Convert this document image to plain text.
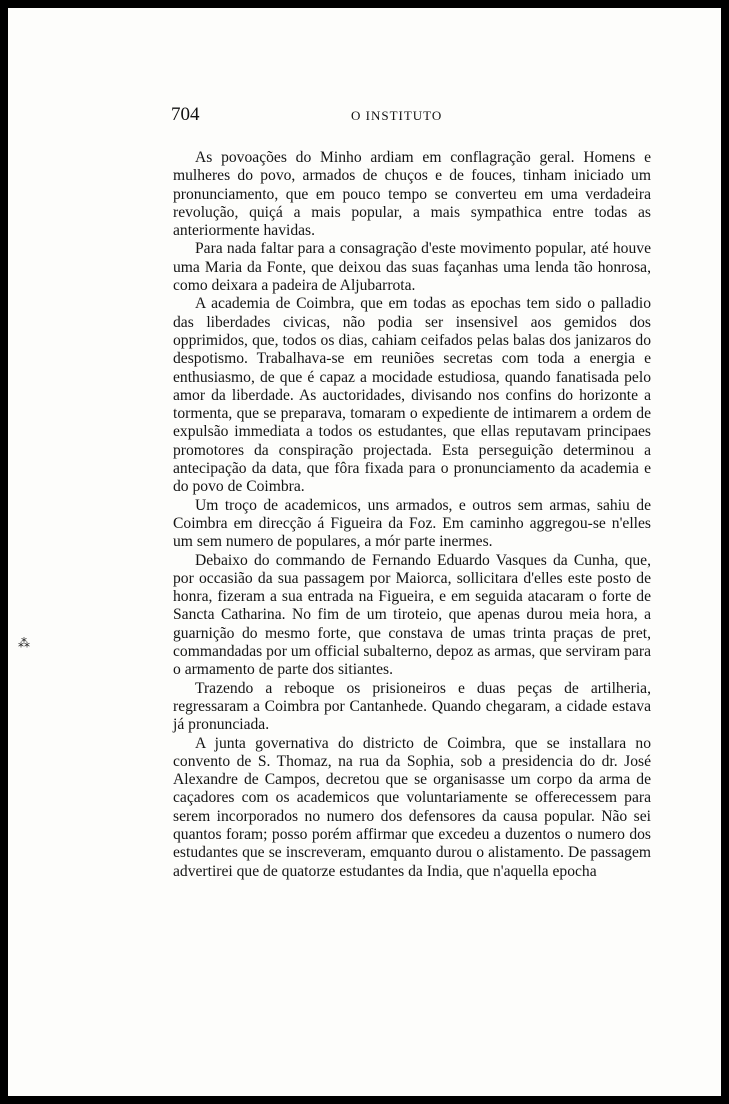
704	O INSTITUTO

As povoações do Minho ardiam em conflagração geral. Homens e mulheres do povo, armados de chuços e de fouces, tinham iniciado um pronunciamento, que em pouco tempo se converteu em uma verdadeira revolução, quiçá a mais popular, a mais sympathica entre todas as anteriormente havidas.

Para nada faltar para a consagração d'este movimento popular, até houve uma Maria da Fonte, que deixou das suas façanhas uma lenda tão honrosa, como deixara a padeira de Aljubarrota.

A academia de Coimbra, que em todas as epochas tem sido o palladio das liberdades civicas, não podia ser insensivel aos gemidos dos opprimidos, que, todos os dias, cahiam ceifados pelas balas dos janizaros do despotismo. Trabalhava-se em reuniões secretas com toda a energia e enthusiasmo, de que é capaz a mocidade estudiosa, quando fanatisada pelo amor da liberdade. As auctoridades, divisando nos confins do horizonte a tormenta, que se preparava, tomaram o expediente de intimarem a ordem de expulsão immediata a todos os estudantes, que ellas reputavam principaes promotores da conspiração projectada. Esta perseguição determinou a antecipação da data, que fôra fixada para o pronunciamento da academia e do povo de Coimbra.

Um troço de academicos, uns armados, e outros sem armas, sahiu de Coimbra em direcção á Figueira da Foz. Em caminho aggregou-se n'elles um sem numero de populares, a mór parte inermes.

Debaixo do commando de Fernando Eduardo Vasques da Cunha, que, por occasião da sua passagem por Maiorca, sollicitara d'elles este posto de honra, fizeram a sua entrada na Figueira, e em seguida atacaram o forte de Sancta Catharina. No fim de um tiroteio, que apenas durou meia hora, a guarnição do mesmo forte, que constava de umas trinta praças de pret, commandadas por um official subalterno, depoz as armas, que serviram para o armamento de parte dos sitiantes.

Trazendo a reboque os prisioneiros e duas peças de artilheria, regressaram a Coimbra por Cantanhede. Quando chegaram, a cidade estava já pronunciada.

A junta governativa do districto de Coimbra, que se installara no convento de S. Thomaz, na rua da Sophia, sob a presidencia do dr. José Alexandre de Campos, decretou que se organisasse um corpo da arma de caçadores com os academicos que voluntariamente se offerecessem para serem incorporados no numero dos defensores da causa popular. Não sei quantos foram; posso porém affirmar que excedeu a duzentos o numero dos estudantes que se inscreveram, emquanto durou o alistamento. De passagem advertirei que de quatorze estudantes da India, que n'aquella epocha

⁂
